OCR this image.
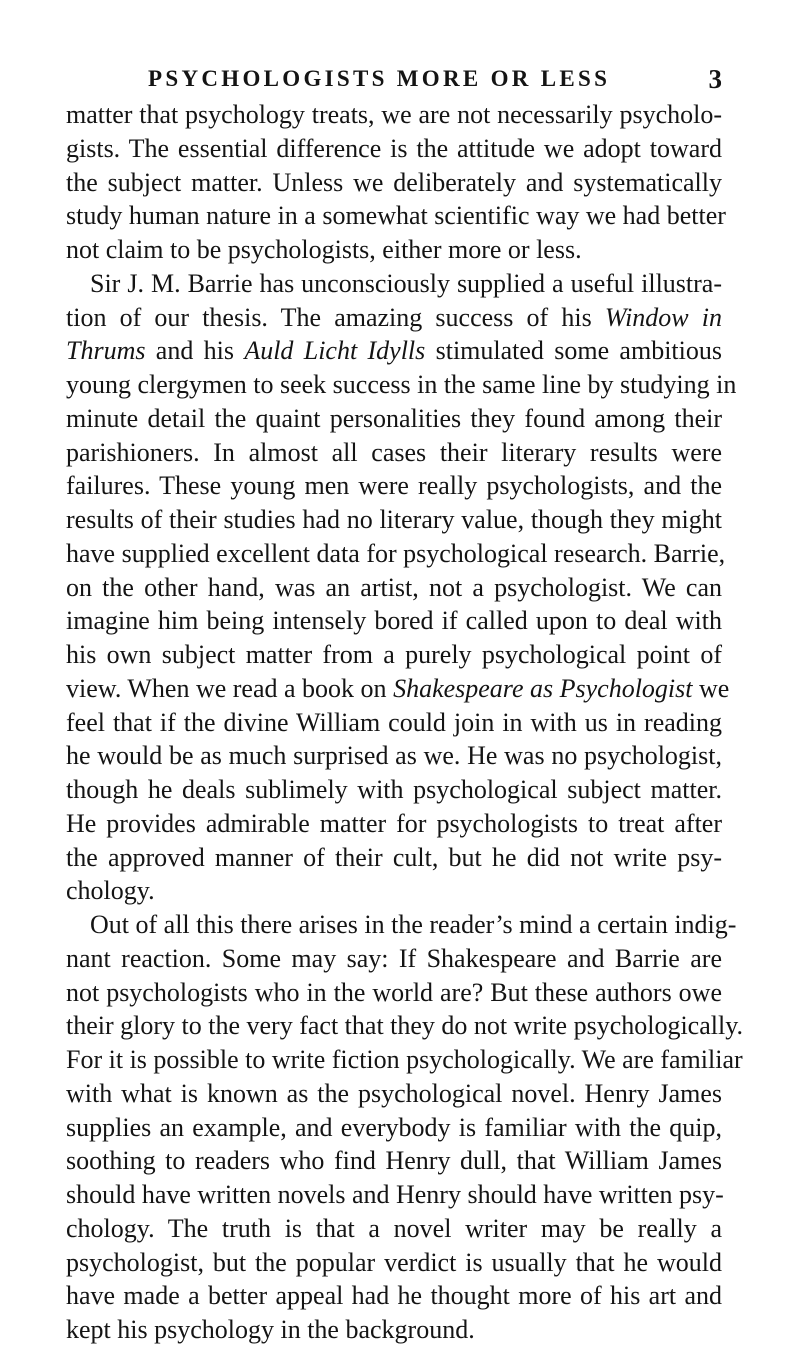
PSYCHOLOGISTS MORE OR LESS	3
matter that psychology treats, we are not necessarily psycholo-
gists. The essential difference is the attitude we adopt toward
the subject matter. Unless we deliberately and systematically
study human nature in a somewhat scientific way we had better
not claim to be psychologists, either more or less.
Sir J. M. Barrie has unconsciously supplied a useful illustra-
tion of our thesis. The amazing success of his Window in
Thrums and his Auld Licht Idylls stimulated some ambitious
young clergymen to seek success in the same line by studying in
minute detail the quaint personalities they found among their
parishioners. In almost all cases their literary results were
failures. These young men were really psychologists, and the
results of their studies had no literary value, though they might
have supplied excellent data for psychological research. Barrie,
on the other hand, was an artist, not a psychologist. We can
imagine him being intensely bored if called upon to deal with
his own subject matter from a purely psychological point of
view. When we read a book on Shakespeare as Psychologist we
feel that if the divine William could join in with us in reading
he would be as much surprised as we. He was no psychologist,
though he deals sublimely with psychological subject matter.
He provides admirable matter for psychologists to treat after
the approved manner of their cult, but he did not write psy-
chology.
Out of all this there arises in the reader’s mind a certain indig-
nant reaction. Some may say: If Shakespeare and Barrie are
not psychologists who in the world are? But these authors owe
their glory to the very fact that they do not write psychologically.
For it is possible to write fiction psychologically. We are familiar
with what is known as the psychological novel. Henry James
supplies an example, and everybody is familiar with the quip,
soothing to readers who find Henry dull, that William James
should have written novels and Henry should have written psy-
chology. The truth is that a novel writer may be really a
psychologist, but the popular verdict is usually that he would
have made a better appeal had he thought more of his art and
kept his psychology in the background.
